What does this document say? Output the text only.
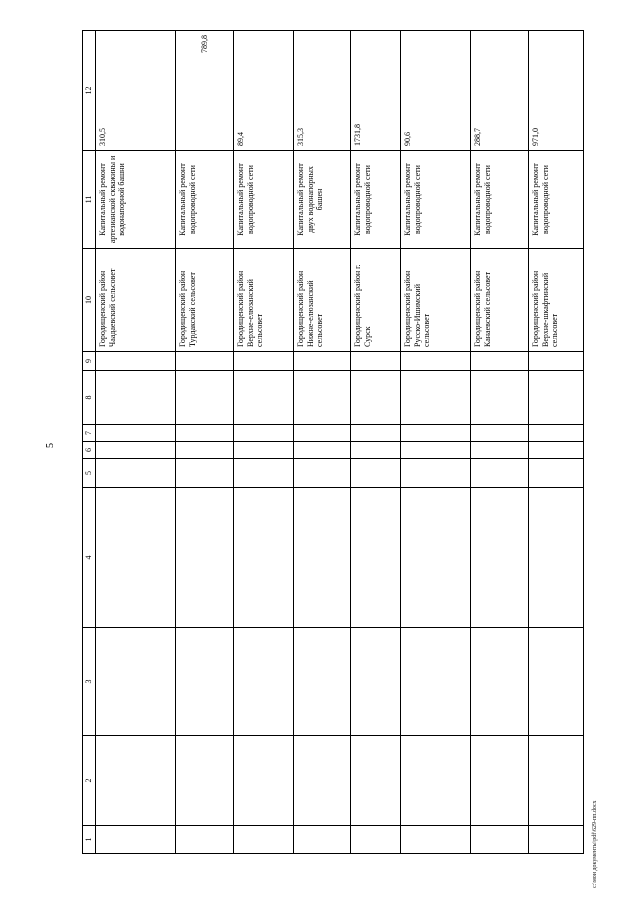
5
1	2	3	4	5	6	7	8	9	10	11	12
									Городищенский район Чаадаевский сельсовет	Капитальный ремонт артезианской скважины и водонапорной башни	310,5
									Городищенский район Турдакский сельсовет	Капитальный ремонт водопроводной сети	789,8
									Городищенский район Верхне-елюзанский сельсовет	Капитальный ремонт водопроводной сети	89,4
									Городищенский район Нижне-елюзанский сельсовет	Капитальный ремонт двух водонапорных башен	315,3
									Городищенский район г. Сурск	Капитальный ремонт водопроводной сети	1731,8
									Городищенский район Русско-Ишимский сельсовет	Капитальный ремонт водопроводной сети	90,6
									Городищенский район Канаевский сельсовет	Капитальный ремонт водопроводной сети	288,7
									Городищенский район Верхне-шкафтинский сельсовет	Капитальный ремонт водопроводной сети	971,0
c:\мои документы\pdf\629-пп.docx
